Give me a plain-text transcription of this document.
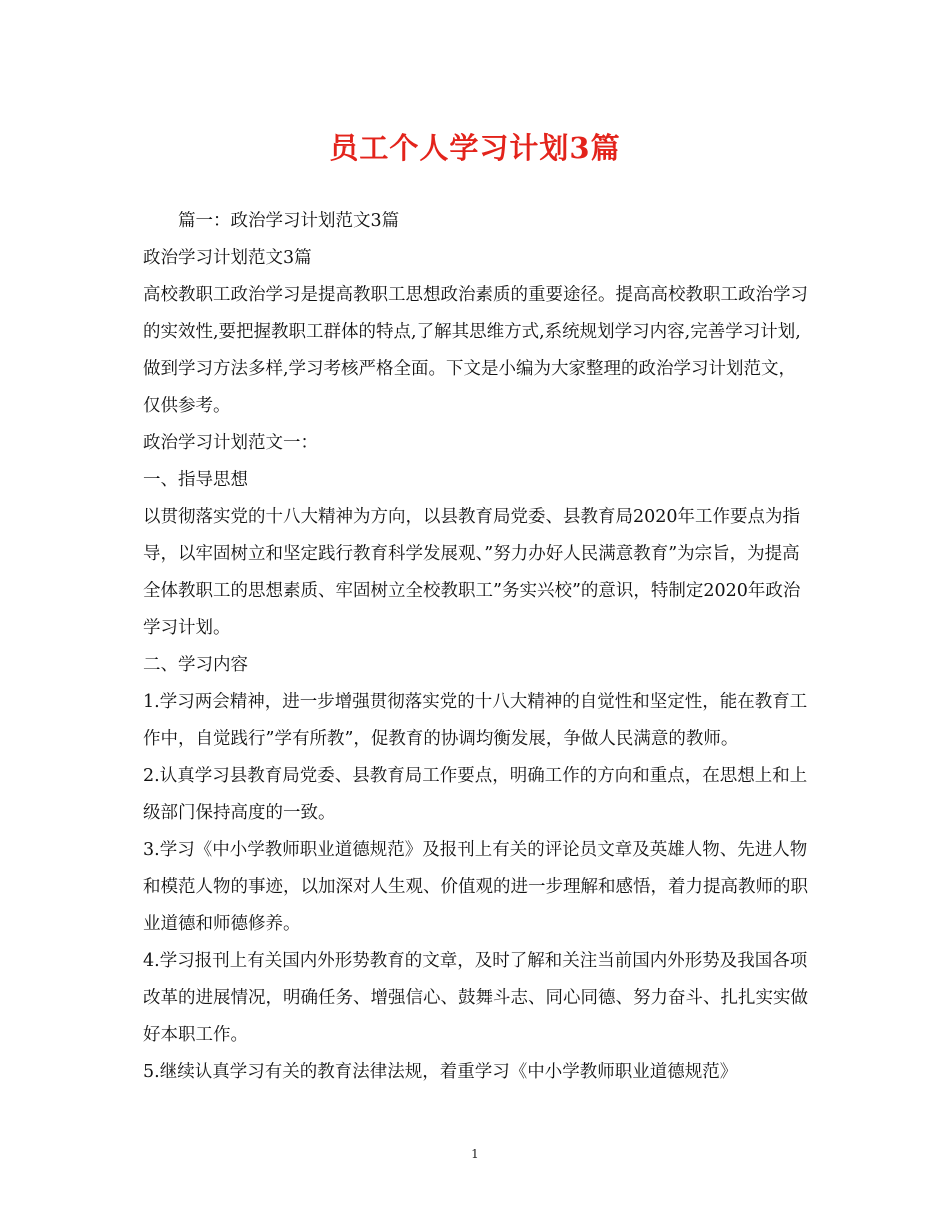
员工个人学习计划3篇

篇一：政治学习计划范文3篇

政治学习计划范文3篇

高校教职工政治学习是提高教职工思想政治素质的重要途径。提高高校教职工政治学习的实效性,要把握教职工群体的特点,了解其思维方式,系统规划学习内容,完善学习计划,做到学习方法多样,学习考核严格全面。下文是小编为大家整理的政治学习计划范文，仅供参考。

政治学习计划范文一：

一、指导思想

以贯彻落实党的十八大精神为方向，以县教育局党委、县教育局2020年工作要点为指导，以牢固树立和坚定践行教育科学发展观、”努力办好人民满意教育”为宗旨，为提高全体教职工的思想素质、牢固树立全校教职工”务实兴校”的意识，特制定2020年政治学习计划。

二、学习内容

1.学习两会精神，进一步增强贯彻落实党的十八大精神的自觉性和坚定性，能在教育工作中，自觉践行”学有所教”，促教育的协调均衡发展，争做人民满意的教师。

2.认真学习县教育局党委、县教育局工作要点，明确工作的方向和重点，在思想上和上级部门保持高度的一致。

3.学习《中小学教师职业道德规范》及报刊上有关的评论员文章及英雄人物、先进人物和模范人物的事迹，以加深对人生观、价值观的进一步理解和感悟，着力提高教师的职业道德和师德修养。

4.学习报刊上有关国内外形势教育的文章，及时了解和关注当前国内外形势及我国各项改革的进展情况，明确任务、增强信心、鼓舞斗志、同心同德、努力奋斗、扎扎实实做好本职工作。

5.继续认真学习有关的教育法律法规，着重学习《中小学教师职业道德规范》

1
